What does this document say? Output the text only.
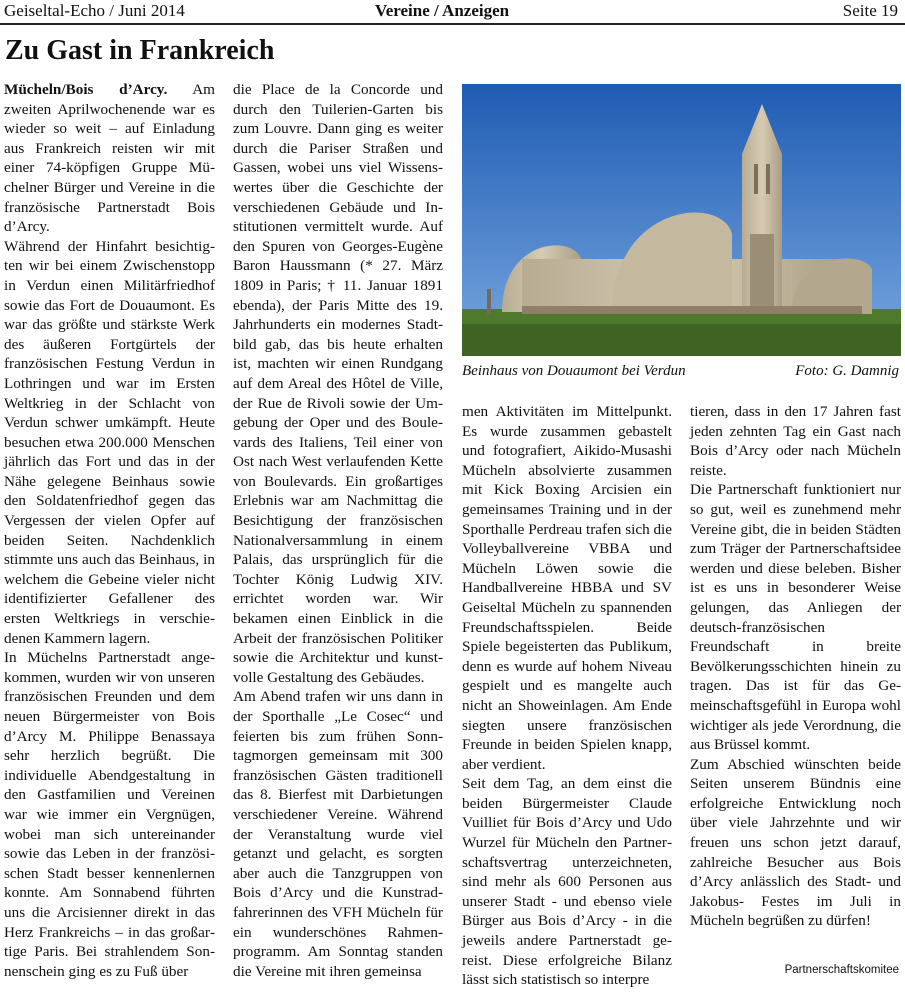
Geiseltal-Echo / Juni 2014	Vereine / Anzeigen	Seite 19
Zu Gast in Frankreich

Mücheln/Bois d’Arcy. Am zweiten Aprilwochenende war es wieder so weit – auf Einladung aus Frankreich reisten wir mit einer 74-köpfigen Gruppe Müchelner Bürger und Vereine in die französische Partnerstadt Bois d’Arcy.

Während der Hinfahrt besichtigten wir bei einem Zwischenstopp in Verdun einen Militärfriedhof sowie das Fort de Douaumont. Es war das größte und stärkste Werk des äußeren Fortgürtels der französischen Festung Verdun in Lothringen und war im Ersten Weltkrieg in der Schlacht von Verdun schwer umkämpft. Heute besuchen etwa 200.000 Menschen jährlich das Fort und das in der Nähe gelegene Beinhaus sowie den Soldatenfriedhof gegen das Vergessen der vielen Opfer auf beiden Seiten. Nachdenklich stimmte uns auch das Beinhaus, in welchem die Gebeine vieler nicht identifizierter Gefallener des ersten Weltkriegs in verschiedenen Kammern lagern.

In Müchelns Partnerstadt angekommen, wurden wir von unseren französischen Freunden und dem neuen Bürgermeister von Bois d’Arcy M. Philippe Benassaya sehr herzlich begrüßt. Die individuelle Abendgestaltung in den Gastfamilien und Vereinen war wie immer ein Vergnügen, wobei man sich untereinander sowie das Leben in der französischen Stadt besser kennenlernen konnte. Am Sonnabend führten uns die Arcisienner direkt in das Herz Frankreichs – in das großartige Paris. Bei strahlendem Sonnenschein ging es zu Fuß über

die Place de la Concorde und durch den Tuilerien-Garten bis zum Louvre. Dann ging es weiter durch die Pariser Straßen und Gassen, wobei uns viel Wissenswertes über die Geschichte der verschiedenen Gebäude und Institutionen vermittelt wurde. Auf den Spuren von Georges-Eugène Baron Haussmann (* 27. März 1809 in Paris; † 11. Januar 1891 ebenda), der Paris Mitte des 19. Jahrhunderts ein modernes Stadtbild gab, das bis heute erhalten ist, machten wir einen Rundgang auf dem Areal des Hôtel de Ville, der Rue de Rivoli sowie der Umgebung der Oper und des Boulevards des Italiens, Teil einer von Ost nach West verlaufenden Kette von Boulevards. Ein großartiges Erlebnis war am Nachmittag die Besichtigung der französischen Nationalversammlung in einem Palais, das ursprünglich für die Tochter König Ludwig XIV. errichtet worden war. Wir bekamen einen Einblick in die Arbeit der französischen Politiker sowie die Architektur und kunstvolle Gestaltung des Gebäudes.

Am Abend trafen wir uns dann in der Sporthalle „Le Cosec“ und feierten bis zum frühen Sonntagmorgen gemeinsam mit 300 französischen Gästen traditionell das 8. Bierfest mit Darbietungen verschiedener Vereine. Während der Veranstaltung wurde viel getanzt und gelacht, es sorgten aber auch die Tanzgruppen von Bois d’Arcy und die Kunstradfahrerinnen des VFH Mücheln für ein wunderschönes Rahmenprogramm. Am Sonntag standen die Vereine mit ihren gemeinsa

Beinhaus von Douaumont bei Verdun	Foto: G. Damnig

men Aktivitäten im Mittelpunkt. Es wurde zusammen gebastelt und fotografiert, Aikido-Musashi Mücheln absolvierte zusammen mit Kick Boxing Arcisien ein gemeinsames Training und in der Sporthalle Perdreau trafen sich die Volleyballvereine VBBA und Mücheln Löwen sowie die Handballvereine HBBA und SV Geiseltal Mücheln zu spannenden Freundschaftsspielen. Beide Spiele begeisterten das Publikum, denn es wurde auf hohem Niveau gespielt und es mangelte auch nicht an Showeinlagen. Am Ende siegten unsere französischen Freunde in beiden Spielen knapp, aber verdient.

Seit dem Tag, an dem einst die beiden Bürgermeister Claude Vuilliet für Bois d’Arcy und Udo Wurzel für Mücheln den Partnerschaftsvertrag unterzeichneten, sind mehr als 600 Personen aus unserer Stadt - und ebenso viele Bürger aus Bois d’Arcy - in die jeweils andere Partnerstadt gereist. Diese erfolgreiche Bilanz lässt sich statistisch so interpre

tieren, dass in den 17 Jahren fast jeden zehnten Tag ein Gast nach Bois d’Arcy oder nach Mücheln reiste.

Die Partnerschaft funktioniert nur so gut, weil es zunehmend mehr Vereine gibt, die in beiden Städten zum Träger der Partnerschaftsidee werden und diese beleben. Bisher ist es uns in besonderer Weise gelungen, das Anliegen der deutsch-französischen Freundschaft in breite Bevölkerungsschichten hinein zu tragen. Das ist für das Gemeinschaftsgefühl in Europa wohl wichtiger als jede Verordnung, die aus Brüssel kommt.

Zum Abschied wünschten beide Seiten unserem Bündnis eine erfolgreiche Entwicklung noch über viele Jahrzehnte und wir freuen uns schon jetzt darauf, zahlreiche Besucher aus Bois d’Arcy anlässlich des Stadt- und Jakobus- Festes im Juli in Mücheln begrüßen zu dürfen!

Partnerschaftskomitee
